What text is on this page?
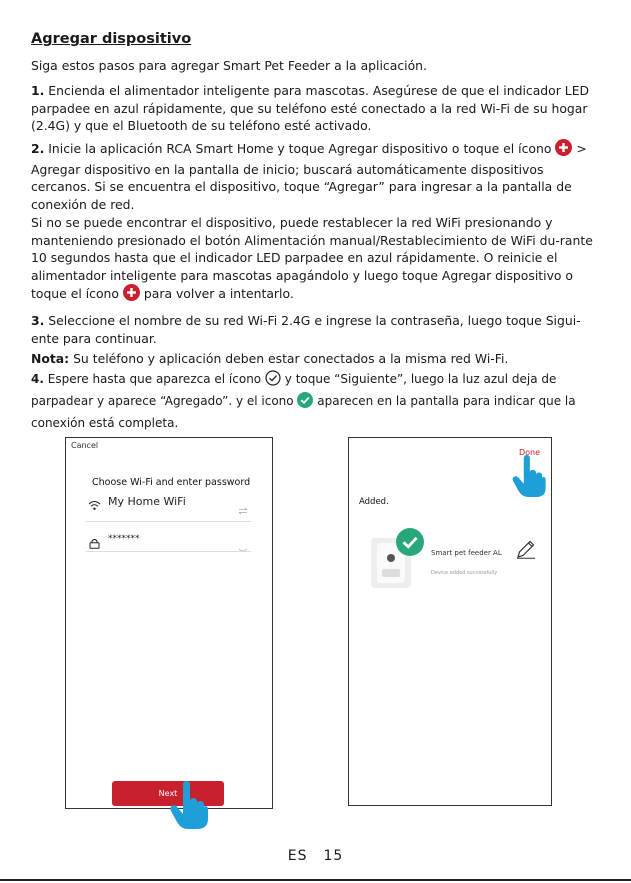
Agregar dispositivo
Siga estos pasos para agregar Smart Pet Feeder a la aplicación.
1. Encienda el alimentador inteligente para mascotas. Asegúrese de que el indicador LED parpadee en azul rápidamente, que su teléfono esté conectado a la red Wi-Fi de su hogar (2.4G) y que el Bluetooth de su teléfono esté activado.
2. Inicie la aplicación RCA Smart Home y toque Agregar dispositivo o toque el ícono > Agregar dispositivo en la pantalla de inicio; buscará automáticamente dispositivos cercanos. Si se encuentra el dispositivo, toque “Agregar” para ingresar a la pantalla de conexión de red.
Si no se puede encontrar el dispositivo, puede restablecer la red WiFi presionando y manteniendo presionado el botón Alimentación manual/Restablecimiento de WiFi du-rante 10 segundos hasta que el indicador LED parpadee en azul rápidamente. O reinicie el alimentador inteligente para mascotas apagándolo y luego toque Agregar dispositivo o toque el ícono  para volver a intentarlo.
3. Seleccione el nombre de su red Wi-Fi 2.4G e ingrese la contraseña, luego toque Sigui-ente para continuar.
Nota: Su teléfono y aplicación deben estar conectados a la misma red Wi-Fi.
4. Espere hasta que aparezca el ícono  y toque “Siguiente”, luego la luz azul deja de parpadear y aparece “Agregado”. y el icono  aparecen en la pantalla para indicar que la conexión está completa.
Cancel
Choose Wi-Fi and enter password
My Home WiFi
*******
Next
Done
Added.
Smart pet feeder AL
Device added successfully
ES 15
